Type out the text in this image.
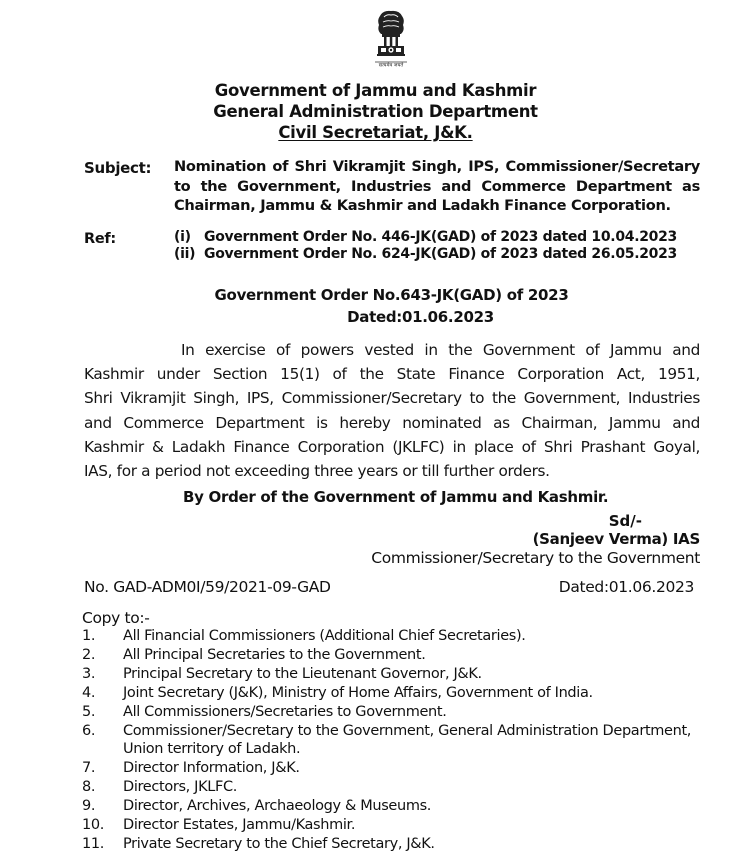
सत्यमेव जयते
Government of Jammu and Kashmir
General Administration Department
Civil Secretariat, J&K.
Subject: Nomination of Shri Vikramjit Singh, IPS, Commissioner/Secretary
to the Government, Industries and Commerce Department as
Chairman, Jammu & Kashmir and Ladakh Finance Corporation.
Ref:	(i) Government Order No. 446-JK(GAD) of 2023 dated 10.04.2023
(ii) Government Order No. 624-JK(GAD) of 2023 dated 26.05.2023
Government Order No.643-JK(GAD) of 2023
Dated:01.06.2023
In exercise of powers vested in the Government of Jammu and
Kashmir under Section 15(1) of the State Finance Corporation Act, 1951,
Shri Vikramjit Singh, IPS, Commissioner/Secretary to the Government, Industries
and Commerce Department is hereby nominated as Chairman, Jammu and
Kashmir & Ladakh Finance Corporation (JKLFC) in place of Shri Prashant Goyal,
IAS, for a period not exceeding three years or till further orders.
By Order of the Government of Jammu and Kashmir.
Sd/-
(Sanjeev Verma) IAS
Commissioner/Secretary to the Government
No. GAD-ADM0I/59/2021-09-GAD	Dated:01.06.2023
Copy to:-
1.	All Financial Commissioners (Additional Chief Secretaries).
2.	All Principal Secretaries to the Government.
3.	Principal Secretary to the Lieutenant Governor, J&K.
4.	Joint Secretary (J&K), Ministry of Home Affairs, Government of India.
5.	All Commissioners/Secretaries to Government.
6.	Commissioner/Secretary to the Government, General Administration Department, Union territory of Ladakh.
7.	Director Information, J&K.
8.	Directors, JKLFC.
9.	Director, Archives, Archaeology & Museums.
10.	Director Estates, Jammu/Kashmir.
11.	Private Secretary to the Chief Secretary, J&K.
